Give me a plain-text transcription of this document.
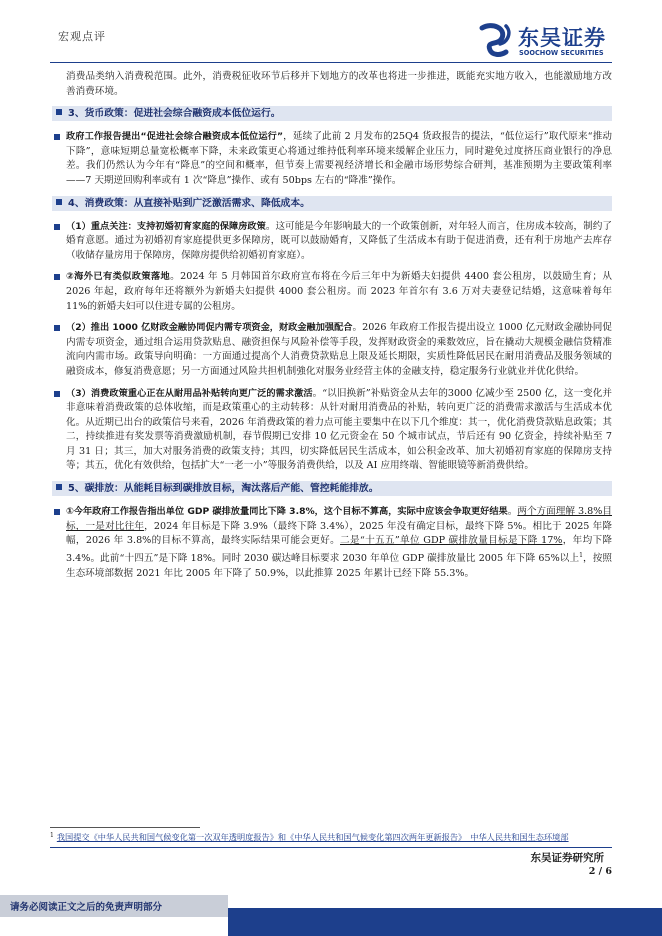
宏观点评	东吴证券
SOOCHOW SECURITIES

消费品类纳入消费税范围。此外，消费税征收环节后移并下划地方的改革也将进一步推进，既能充实地方收入，也能激励地方改善消费环境。

3、货币政策：促进社会综合融资成本低位运行。

政府工作报告提出“促进社会综合融资成本低位运行”，延续了此前 2 月发布的25Q4 货政报告的提法，“低位运行”取代原来“推动下降”，意味短期总量宽松概率下降，未来政策更心将通过维持低利率环境来缓解企业压力，同时避免过度挤压商业银行的净息差。我们仍然认为今年有“降息”的空间和概率，但节奏上需要视经济增长和金融市场形势综合研判，基准预期为主要政策利率——7 天期逆回购利率或有 1 次“降息”操作、或有 50bps 左右的“降准”操作。

4、消费政策：从直接补贴到广泛激活需求、降低成本。

（1）重点关注：支持初婚初育家庭的保障房政策。这可能是今年影响最大的一个政策创新，对年轻人而言，住房成本较高，制约了婚育意愿。通过为初婚初育家庭提供更多保障房，既可以鼓励婚育，又降低了生活成本有助于促进消费，还有利于房地产去库存（收储存量房用于保障房，保障房提供给初婚初育家庭）。

②海外已有类似政策落地。2024 年 5 月韩国首尔政府宣布将在今后三年中为新婚夫妇提供 4400 套公租房，以鼓励生育；从 2026 年起，政府每年还将额外为新婚夫妇提供 4000 套公租房。而 2023 年首尔有 3.6 万对夫妻登记结婚，这意味着每年 11%的新婚夫妇可以住进专属的公租房。

（2）推出 1000 亿财政金融协同促内需专项资金，财政金融加强配合。2026 年政府工作报告提出设立 1000 亿元财政金融协同促内需专项资金，通过组合运用贷款贴息、融资担保与风险补偿等手段，发挥财政资金的乘数效应，旨在撬动大规模金融信贷精准流向内需市场。政策导向明确：一方面通过提高个人消费贷款贴息上限及延长期限，实质性降低居民在耐用消费品及服务领域的融资成本，修复消费意愿；另一方面通过风险共担机制強化对服务业经营主体的金融支持，稳定服务行业就业并优化供给。

（3）消费政策重心正在从耐用品补贴转向更广泛的需求激活。“以旧换新”补贴资金从去年的3000 亿减少至 2500 亿，这一变化并非意味着消费政策的总体收缩，而是政策重心的主动转移：从针对耐用消费品的补贴，转向更广泛的消费需求激活与生活成本优化。从近期已出台的政策信号来看，2026 年消费政策的着力点可能主要集中在以下几个维度：其一，优化消费贷款贴息政策；其二，持续推进有奖发票等消费激励机制，春节假期已安排 10 亿元资金在 50 个城市试点，节后还有 90 亿资金，持续补贴至 7 月 31 日；其三，加大对服务消费的政策支持；其四，切实降低居民生活成本，如公积金改革、加大初婚初育家庭的保障房支持等；其五，优化有效供给，包括扩大“一老一小”等服务消费供给，以及 AI 应用终端、智能眼镜等新消费供给。

5、碳排放：从能耗目标到碳排放目标，淘汰落后产能、管控耗能排放。

①今年政府工作报告指出单位 GDP 碳排放量同比下降 3.8%，这个目标不算高，实际中应该会争取更好结果。两个方面理解 3.8%目标，一是对比往年，2024 年目标是下降 3.9%（最终下降 3.4%），2025 年没有确定目标，最终下降 5%。相比于 2025 年降幅，2026 年 3.8%的目标不算高，最终实际结果可能会更好。二是“十五五”单位 GDP 碳排放量目标是下降 17%，年均下降 3.4%。此前“十四五”是下降 18%。同时 2030 碳达峰目标要求 2030 年单位 GDP 碳排放量比 2005 年下降 65%以上$^1$，按照生态环境部数据 2021 年比 2005 年下降了 50.9%，以此推算 2025 年累计已经下降 55.3%。

$^1$ 我国提交《中华人民共和国气候变化第一次双年透明度报告》和《中华人民共和国气候变化第四次两年更新报告》_中华人民共和国生态环境部
东吴证券研究所
2 / 6
请务必阅读正文之后的免责声明部分
